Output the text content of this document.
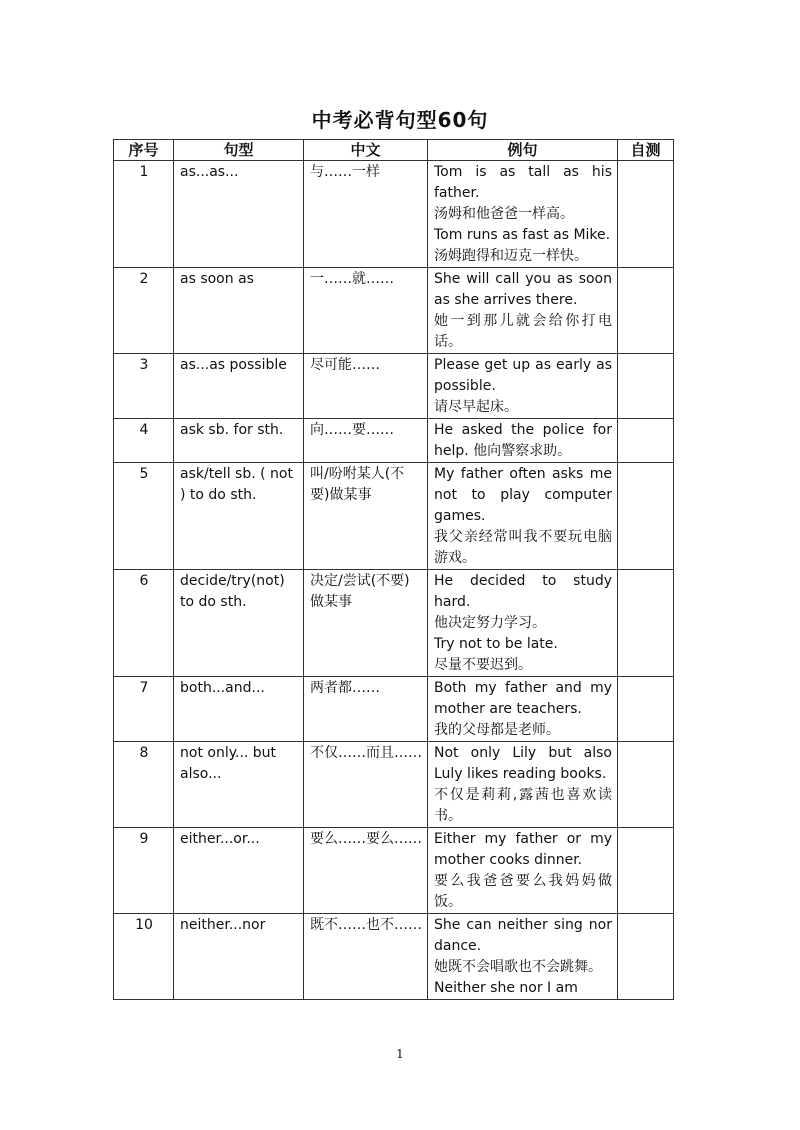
中考必背句型60句
序号	句型	中文	例句	自测
1	as...as...	与……一样	Tom is as tall as his father.
汤姆和他爸爸一样高。
Tom runs as fast as Mike.
汤姆跑得和迈克一样快。	

2	as soon as	一……就……	She will call you as soon as she arrives there.
她一到那儿就会给你打电话。	

3	as...as possible	尽可能……	Please get up as early as possible.
请尽早起床。	

4	ask sb. for sth.	向……要……	He asked the police for help. 他向警察求助。	

5	ask/tell sb. ( not ) to do sth.	叫/吩咐某人(不要)做某事	My father often asks me not to play computer games.
我父亲经常叫我不要玩电脑游戏。	

6	decide/try(not) to do sth.	决定/尝试(不要)做某事	He decided to study hard.
他决定努力学习。
Try not to be late.
尽量不要迟到。	

7	both...and...	两者都……	Both my father and my mother are teachers.
我的父母都是老师。	

8	not only... but also...	不仅……而且……	Not only Lily but also Luly likes reading books.
不仅是莉莉,露茜也喜欢读书。	

9	either...or...	要么……要么……	Either my father or my mother cooks dinner.
要么我爸爸要么我妈妈做饭。	

10	neither...nor	既不……也不……	She can neither sing nor dance.
她既不会唱歌也不会跳舞。
Neither she nor I am	

1
